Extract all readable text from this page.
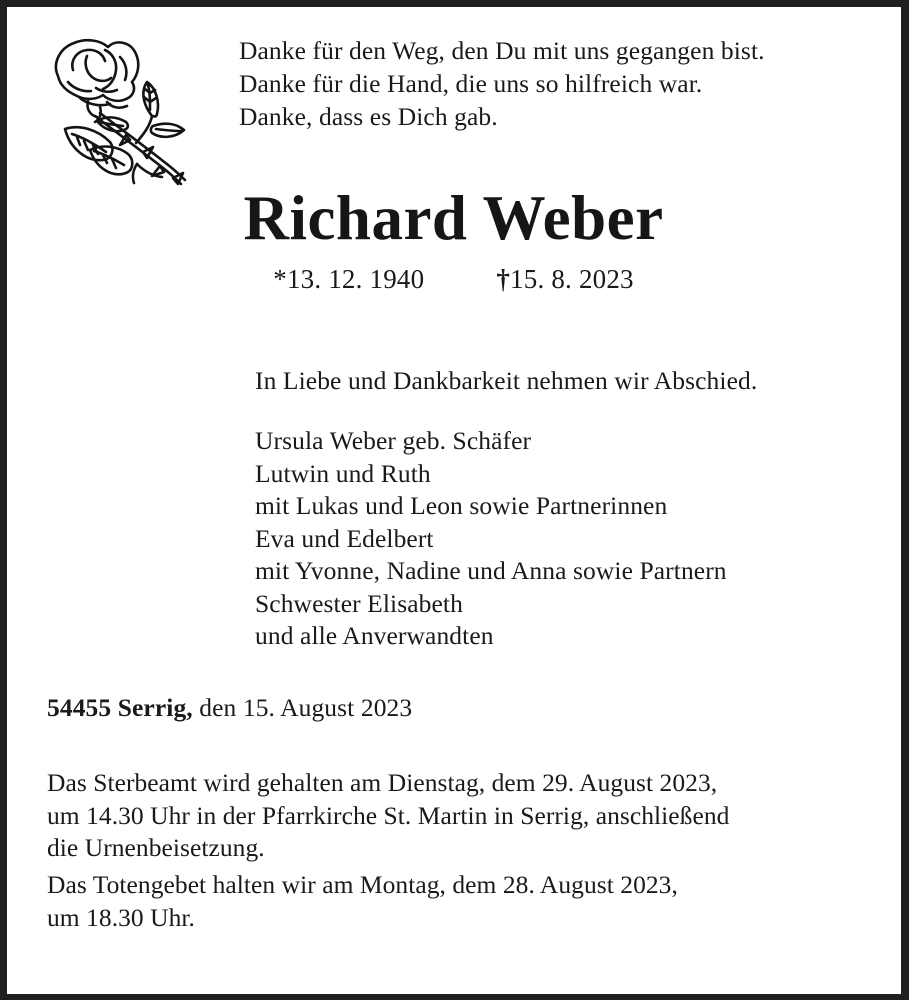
Danke für den Weg, den Du mit uns gegangen bist.
Danke für die Hand, die uns so hilfreich war.
Danke, dass es Dich gab.
Richard Weber
*13. 12. 1940	†15. 8. 2023
In Liebe und Dankbarkeit nehmen wir Abschied.
Ursula Weber geb. Schäfer
Lutwin und Ruth
mit Lukas und Leon sowie Partnerinnen
Eva und Edelbert
mit Yvonne, Nadine und Anna sowie Partnern
Schwester Elisabeth
und alle Anverwandten
54455 Serrig, den 15. August 2023

Das Sterbeamt wird gehalten am Dienstag, dem 29. August 2023,
um 14.30 Uhr in der Pfarrkirche St. Martin in Serrig, anschließend
die Urnenbeisetzung.
Das Totengebet halten wir am Montag, dem 28. August 2023,
um 18.30 Uhr.
